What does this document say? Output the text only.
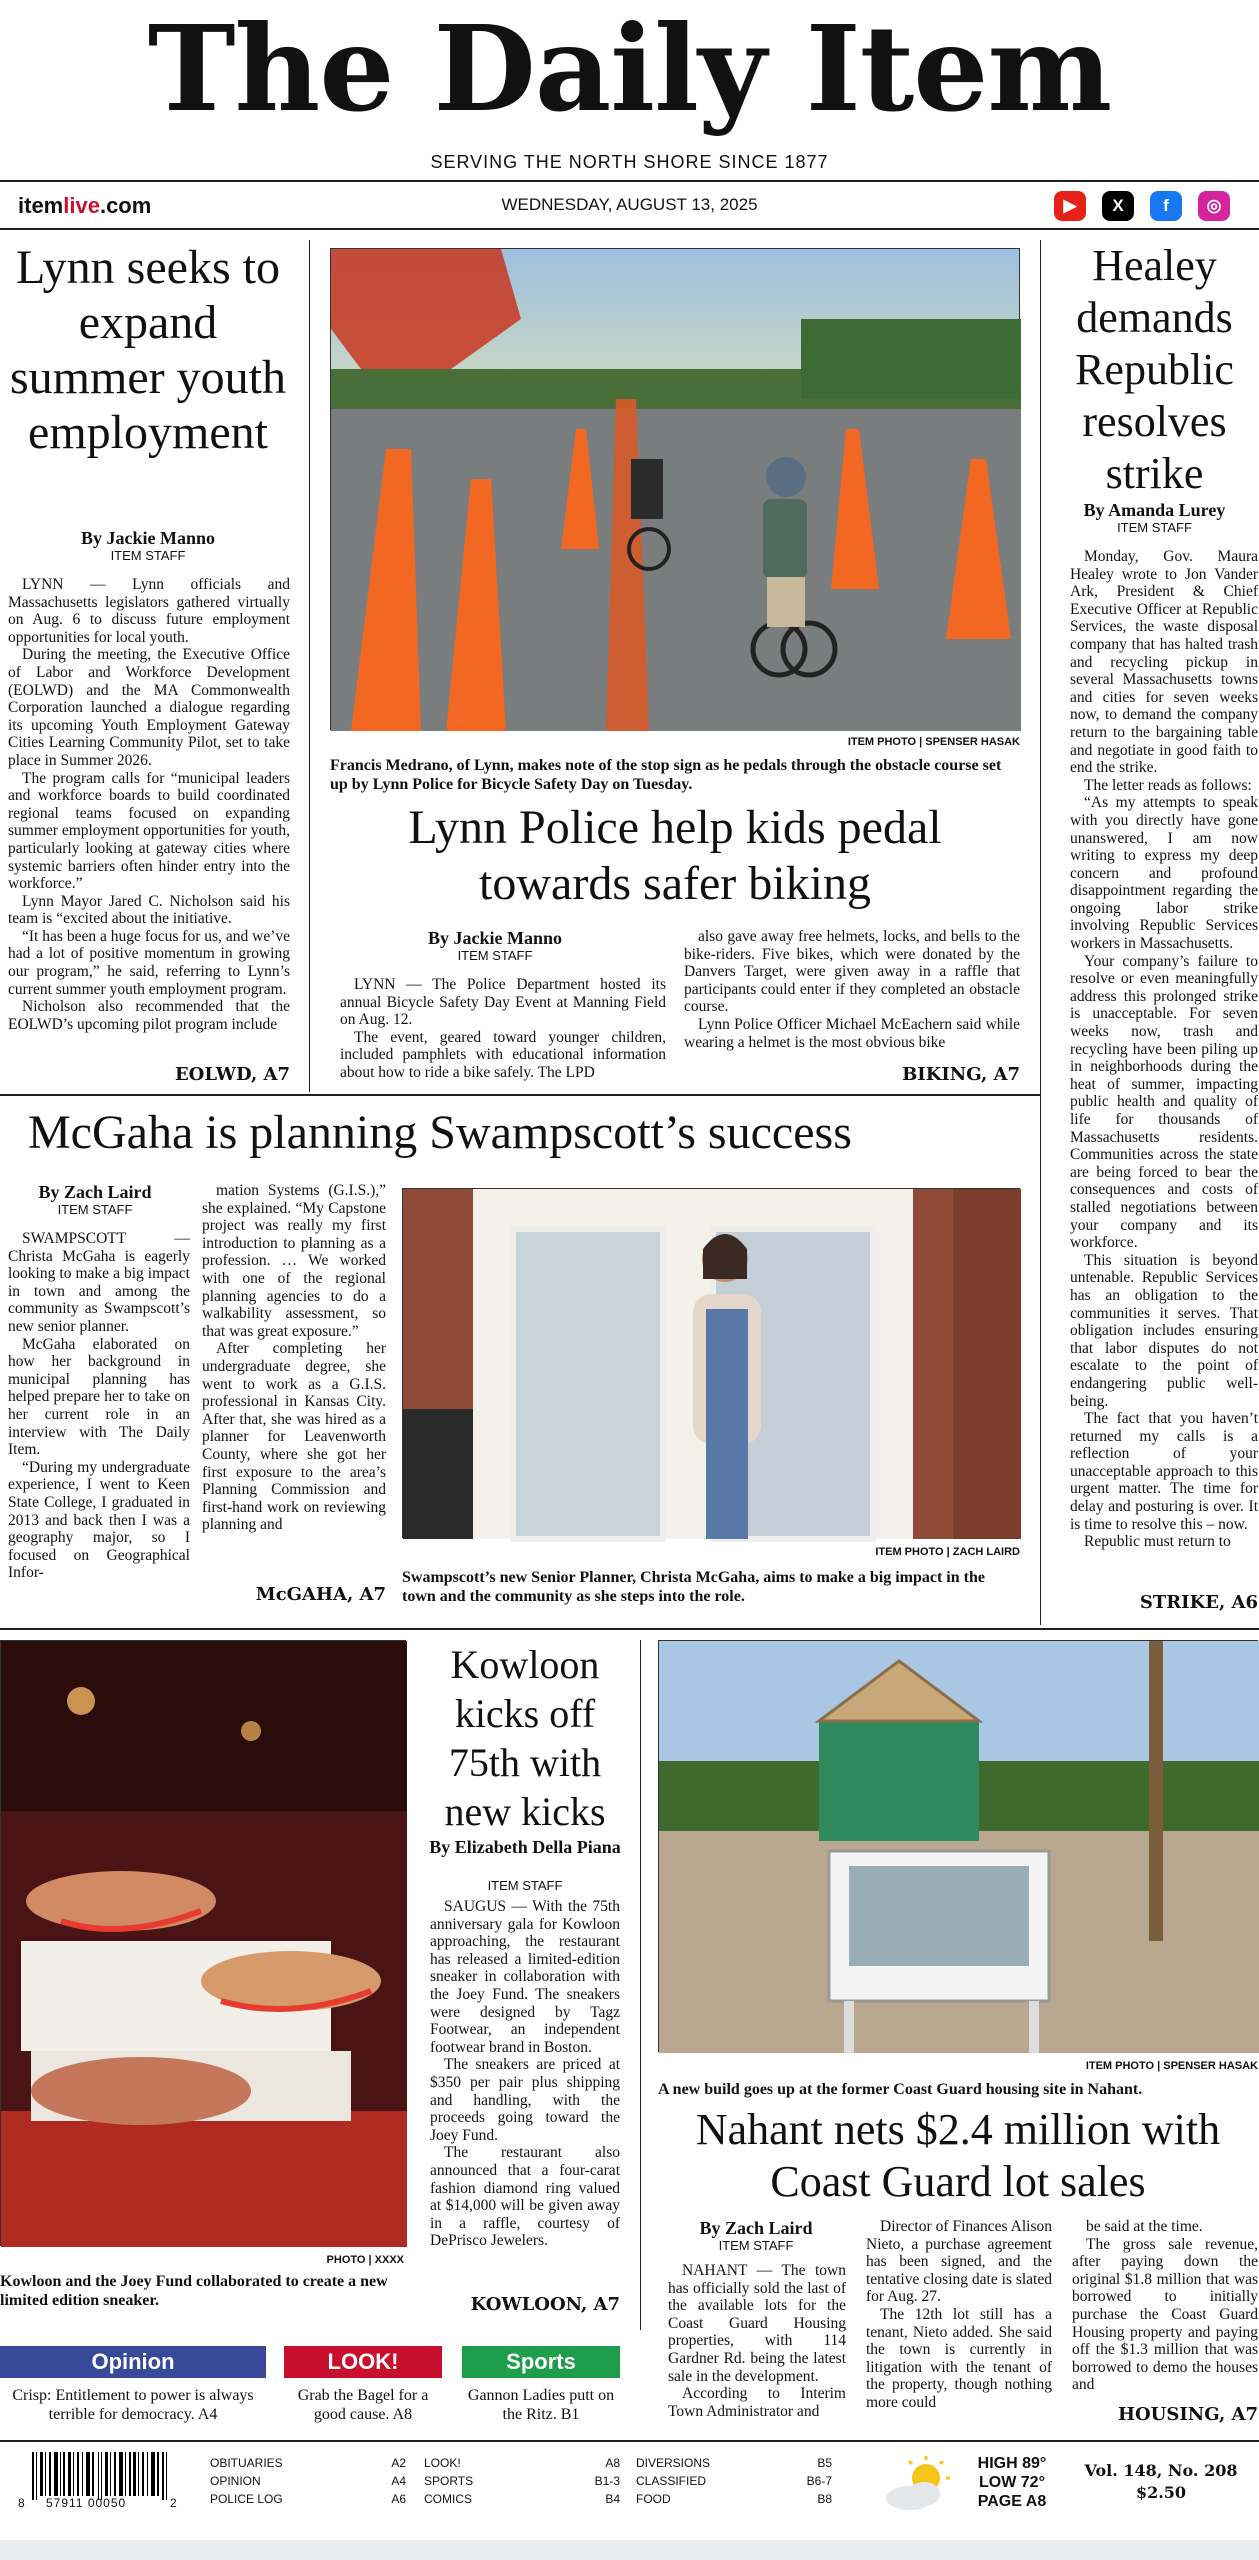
The Daily Item
SERVING THE NORTH SHORE SINCE 1877
itemlive.com	WEDNESDAY, AUGUST 13, 2025	▶	X	f	◎
Lynn seeks to expand summer youth employment
By Jackie Manno
ITEM STAFF

LYNN — Lynn officials and Massachusetts legislators gathered virtually on Aug. 6 to discuss future employment opportunities for local youth.

During the meeting, the Executive Office of Labor and Workforce Development (EOLWD) and the MA Commonwealth Corporation launched a dialogue regarding its upcoming Youth Employment Gateway Cities Learning Community Pilot, set to take place in Summer 2026.

The program calls for “municipal leaders and workforce boards to build coordinated regional teams focused on expanding summer employment opportunities for youth, particularly looking at gateway cities where systemic barriers often hinder entry into the workforce.”

Lynn Mayor Jared C. Nicholson said his team is “excited about the initiative.

“It has been a huge focus for us, and we’ve had a lot of positive momentum in growing our program,” he said, referring to Lynn’s current summer youth employment program.

Nicholson also recommended that the EOLWD’s upcoming pilot program include

EOLWD, A7
ITEM PHOTO | SPENSER HASAK
Francis Medrano, of Lynn, makes note of the stop sign as he pedals through the obstacle course set up by Lynn Police for Bicycle Safety Day on Tuesday.
Lynn Police help kids pedal towards safer biking
By Jackie Manno
ITEM STAFF

LYNN — The Police Department hosted its annual Bicycle Safety Day Event at Manning Field on Aug. 12.

The event, geared toward younger children, included pamphlets with educational information about how to ride a bike safely. The LPD

also gave away free helmets, locks, and bells to the bike-riders. Five bikes, which were donated by the Danvers Target, were given away in a raffle that participants could enter if they completed an obstacle course.

Lynn Police Officer Michael McEachern said while wearing a helmet is the most obvious bike

BIKING, A7
Healey demands Republic resolves strike
By Amanda Lurey
ITEM STAFF

Monday, Gov. Maura Healey wrote to Jon Vander Ark, President & Chief Executive Officer at Republic Services, the waste disposal company that has halted trash and recycling pickup in several Massachusetts towns and cities for seven weeks now, to demand the company return to the bargaining table and negotiate in good faith to end the strike.

The letter reads as follows:

“As my attempts to speak with you directly have gone unanswered, I am now writing to express my deep concern and profound disappointment regarding the ongoing labor strike involving Republic Services workers in Massachusetts.

Your company’s failure to resolve or even meaningfully address this prolonged strike is unacceptable. For seven weeks now, trash and recycling have been piling up in neighborhoods during the heat of summer, impacting public health and quality of life for thousands of Massachusetts residents. Communities across the state are being forced to bear the consequences and costs of stalled negotiations between your company and its workforce.

This situation is beyond untenable. Republic Services has an obligation to the communities it serves. That obligation includes ensuring that labor disputes do not escalate to the point of endangering public well-being.

The fact that you haven’t returned my calls is a reflection of your unacceptable approach to this urgent matter. The time for delay and posturing is over. It is time to resolve this – now.

Republic must return to

STRIKE, A6
McGaha is planning Swampscott’s success
By Zach Laird
ITEM STAFF

SWAMPSCOTT — Christa McGaha is eagerly looking to make a big impact in town and among the community as Swampscott’s new senior planner.

McGaha elaborated on how her background in municipal planning has helped prepare her to take on her current role in an interview with The Daily Item.

“During my undergraduate experience, I went to Keen State College, I graduated in 2013 and back then I was a geography major, so I focused on Geographical Infor-

mation Systems (G.I.S.),” she explained. “My Capstone project was really my first introduction to planning as a profession. … We worked with one of the regional planning agencies to do a walkability assessment, so that was great exposure.”

After completing her undergraduate degree, she went to work as a G.I.S. professional in Kansas City. After that, she was hired as a planner for Leavenworth County, where she got her first exposure to the area’s Planning Commission and first-hand work on reviewing planning and

McGAHA, A7
ITEM PHOTO | ZACH LAIRD
Swampscott’s new Senior Planner, Christa McGaha, aims to make a big impact in the town and the community as she steps into the role.
PHOTO | XXXX
Kowloon and the Joey Fund collaborated to create a new limited edition sneaker.
Kowloon kicks off 75th with new kicks
By Elizabeth Della Piana
ITEM STAFF

SAUGUS — With the 75th anniversary gala for Kowloon approaching, the restaurant has released a limited-edition sneaker in collaboration with the Joey Fund. The sneakers were designed by Tagz Footwear, an independent footwear brand in Boston.

The sneakers are priced at $350 per pair plus shipping and handling, with the proceeds going toward the Joey Fund.

The restaurant also announced that a four-carat fashion diamond ring valued at $14,000 will be given away in a raffle, courtesy of DePrisco Jewelers.

KOWLOON, A7
ITEM PHOTO | SPENSER HASAK
A new build goes up at the former Coast Guard housing site in Nahant.
Nahant nets $2.4 million with Coast Guard lot sales
By Zach Laird
ITEM STAFF

NAHANT — The town has officially sold the last of the available lots for the Coast Guard Housing properties, with 114 Gardner Rd. being the latest sale in the development.

According to Interim Town Administrator and

Director of Finances Alison Nieto, a purchase agreement has been signed, and the tentative closing date is slated for Aug. 27.

The 12th lot still has a tenant, Nieto added. She said the town is currently in litigation with the tenant of the property, though nothing more could

be said at the time.

The gross sale revenue, after paying down the original $1.8 million that was borrowed to initially purchase the Coast Guard Housing property and paying off the $1.3 million that was borrowed to demo the houses and

HOUSING, A7
Opinion
Crisp: Entitlement to power is always terrible for democracy. A4
LOOK!
Grab the Bagel for a good cause. A8
Sports
Gannon Ladies putt on the Ritz. B1
8 57911 00050	2
OBITUARIES	A2
OPINION	A4
POLICE LOG	A6
LOOK!	A8
SPORTS	B1-3
COMICS	B4
DIVERSIONS	B5
CLASSIFIED	B6-7
FOOD	B8
HIGH 89°
LOW 72°
PAGE A8
Vol. 148, No. 208
$2.50
